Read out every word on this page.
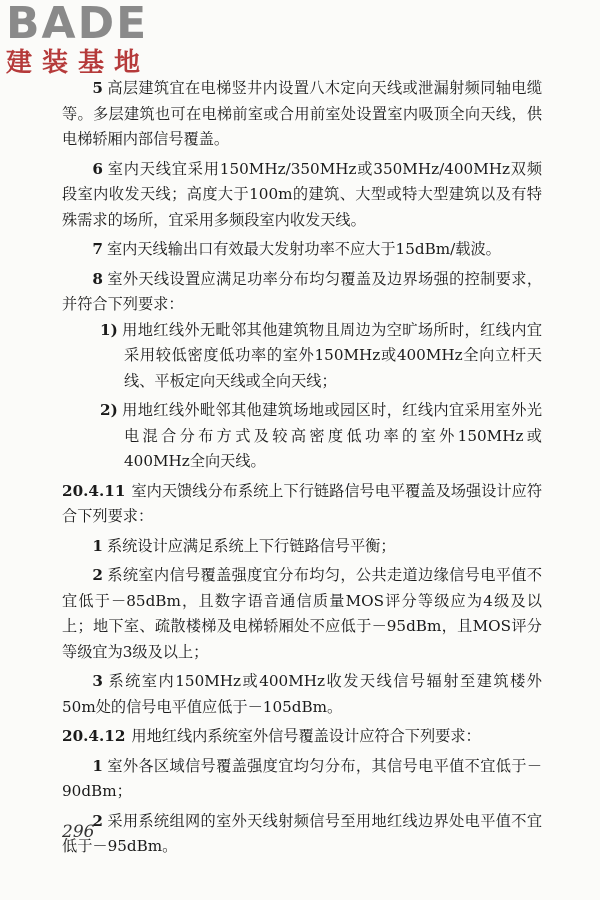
BADE
建装基地

5 高层建筑宜在电梯竖井内设置八木定向天线或泄漏射频同轴电缆等。多层建筑也可在电梯前室或合用前室处设置室内吸顶全向天线，供电梯轿厢内部信号覆盖。

6 室内天线宜采用150MHz/350MHz或350MHz/400MHz双频段室内收发天线；高度大于100m的建筑、大型或特大型建筑以及有特殊需求的场所，宜采用多频段室内收发天线。

7 室内天线输出口有效最大发射功率不应大于15dBm/载波。

8 室外天线设置应满足功率分布均匀覆盖及边界场强的控制要求，并符合下列要求：

1) 用地红线外无毗邻其他建筑物且周边为空旷场所时，红线内宜采用较低密度低功率的室外150MHz或400MHz全向立杆天线、平板定向天线或全向天线；

2) 用地红线外毗邻其他建筑场地或园区时，红线内宜采用室外光电混合分布方式及较高密度低功率的室外150MHz或400MHz全向天线。

20.4.11 室内天馈线分布系统上下行链路信号电平覆盖及场强设计应符合下列要求：

1 系统设计应满足系统上下行链路信号平衡；

2 系统室内信号覆盖强度宜分布均匀，公共走道边缘信号电平值不宜低于－85dBm，且数字语音通信质量MOS评分等级应为4级及以上；地下室、疏散楼梯及电梯轿厢处不应低于－95dBm，且MOS评分等级宜为3级及以上；

3 系统室内150MHz或400MHz收发天线信号辐射至建筑楼外50m处的信号电平值应低于－105dBm。

20.4.12 用地红线内系统室外信号覆盖设计应符合下列要求：

1 室外各区域信号覆盖强度宜均匀分布，其信号电平值不宜低于－90dBm；

2 采用系统组网的室外天线射频信号至用地红线边界处电平值不宜低于－95dBm。

296
